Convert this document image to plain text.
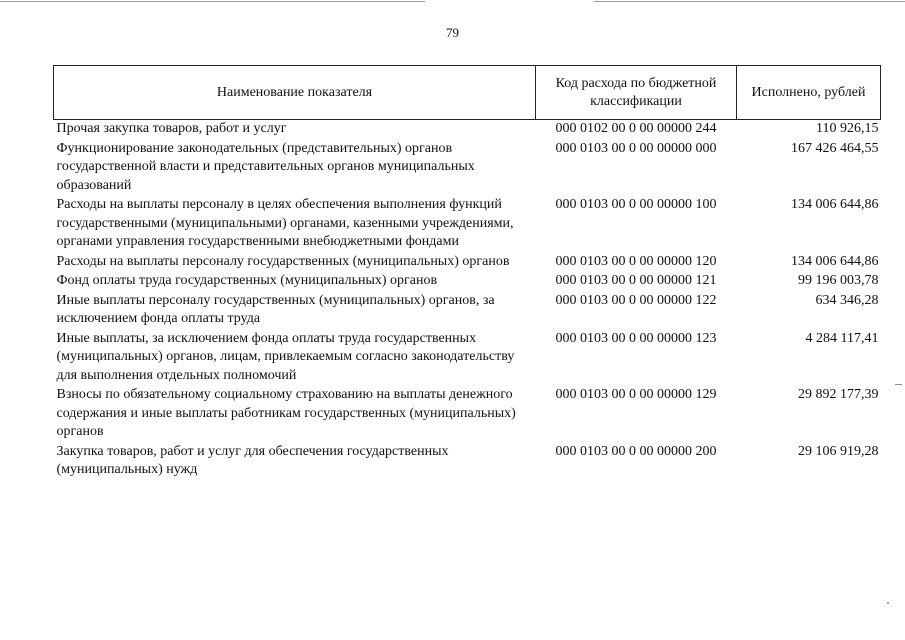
79
Наименование показателя	Код расхода по бюджетной классификации	Исполнено, рублей
Прочая закупка товаров, работ и услуг	000 0102 00 0 00 00000 244	110 926,15
Функционирование законодательных (представительных) органов государственной власти и представительных органов муниципальных образований	000 0103 00 0 00 00000 000	167 426 464,55
Расходы на выплаты персоналу в целях обеспечения выполнения функций государственными (муниципальными) органами, казенными учреждениями, органами управления государственными внебюджетными фондами	000 0103 00 0 00 00000 100	134 006 644,86
Расходы на выплаты персоналу государственных (муниципальных) органов	000 0103 00 0 00 00000 120	134 006 644,86
Фонд оплаты труда государственных (муниципальных) органов	000 0103 00 0 00 00000 121	99 196 003,78
Иные выплаты персоналу государственных (муниципальных) органов, за исключением фонда оплаты труда	000 0103 00 0 00 00000 122	634 346,28
Иные выплаты, за исключением фонда оплаты труда государственных (муниципальных) органов, лицам, привлекаемым согласно законодательству для выполнения отдельных полномочий	000 0103 00 0 00 00000 123	4 284 117,41
Взносы по обязательному социальному страхованию на выплаты денежного содержания и иные выплаты работникам государственных (муниципальных) органов	000 0103 00 0 00 00000 129	29 892 177,39
Закупка товаров, работ и услуг для обеспечения государственных (муниципальных) нужд	000 0103 00 0 00 00000 200	29 106 919,28
